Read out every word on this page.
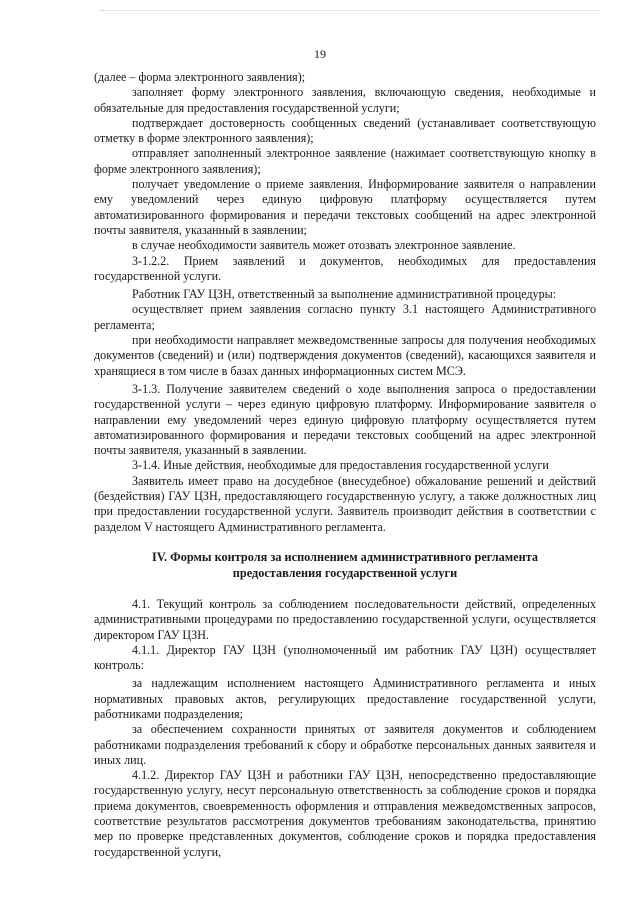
19

(далее – форма электронного заявления);

заполняет форму электронного заявления, включающую сведения, необходимые и обязательные для предоставления государственной услуги;

подтверждает достоверность сообщенных сведений (устанавливает соответствующую отметку в форме электронного заявления);

отправляет заполненный электронное заявление (нажимает соответствующую кнопку в форме электронного заявления);

получает уведомление о приеме заявления. Информирование заявителя о направлении ему уведомлений через единую цифровую платформу осуществляется путем автоматизированного формирования и передачи текстовых сообщений на адрес электронной почты заявителя, указанный в заявлении;

в случае необходимости заявитель может отозвать электронное заявление.

3-1.2.2. Прием заявлений и документов, необходимых для предоставления государственной услуги.

Работник ГАУ ЦЗН, ответственный за выполнение административной процедуры:

осуществляет прием заявления согласно пункту 3.1 настоящего Административного регламента;

при необходимости направляет межведомственные запросы для получения необходимых документов (сведений) и (или) подтверждения документов (сведений), касающихся заявителя и хранящиеся в том числе в базах данных информационных систем МСЭ.

3-1.3. Получение заявителем сведений о ходе выполнения запроса о предоставлении государственной услуги – через единую цифровую платформу. Информирование заявителя о направлении ему уведомлений через единую цифровую платформу осуществляется путем автоматизированного формирования и передачи текстовых сообщений на адрес электронной почты заявителя, указанный в заявлении.

3-1.4. Иные действия, необходимые для предоставления государственной услуги

Заявитель имеет право на досудебное (внесудебное) обжалование решений и действий (бездействия) ГАУ ЦЗН, предоставляющего государственную услугу, а также должностных лиц при предоставлении государственной услуги. Заявитель производит действия в соответствии с разделом V настоящего Административного регламента.

IV. Формы контроля за исполнением административного регламента
предоставления государственной услуги

4.1. Текущий контроль за соблюдением последовательности действий, определенных административными процедурами по предоставлению государственной услуги, осуществляется директором ГАУ ЦЗН.

4.1.1. Директор ГАУ ЦЗН (уполномоченный им работник ГАУ ЦЗН) осуществляет контроль:

за надлежащим исполнением настоящего Административного регламента и иных нормативных правовых актов, регулирующих предоставление государственной услуги, работниками подразделения;

за обеспечением сохранности принятых от заявителя документов и соблюдением работниками подразделения требований к сбору и обработке персональных данных заявителя и иных лиц.

4.1.2. Директор ГАУ ЦЗН и работники ГАУ ЦЗН, непосредственно предоставляющие государственную услугу, несут персональную ответственность за соблюдение сроков и порядка приема документов, своевременность оформления и отправления межведомственных запросов, соответствие результатов рассмотрения документов требованиям законодательства, принятию мер по проверке представленных документов, соблюдение сроков и порядка предоставления государственной услуги,
